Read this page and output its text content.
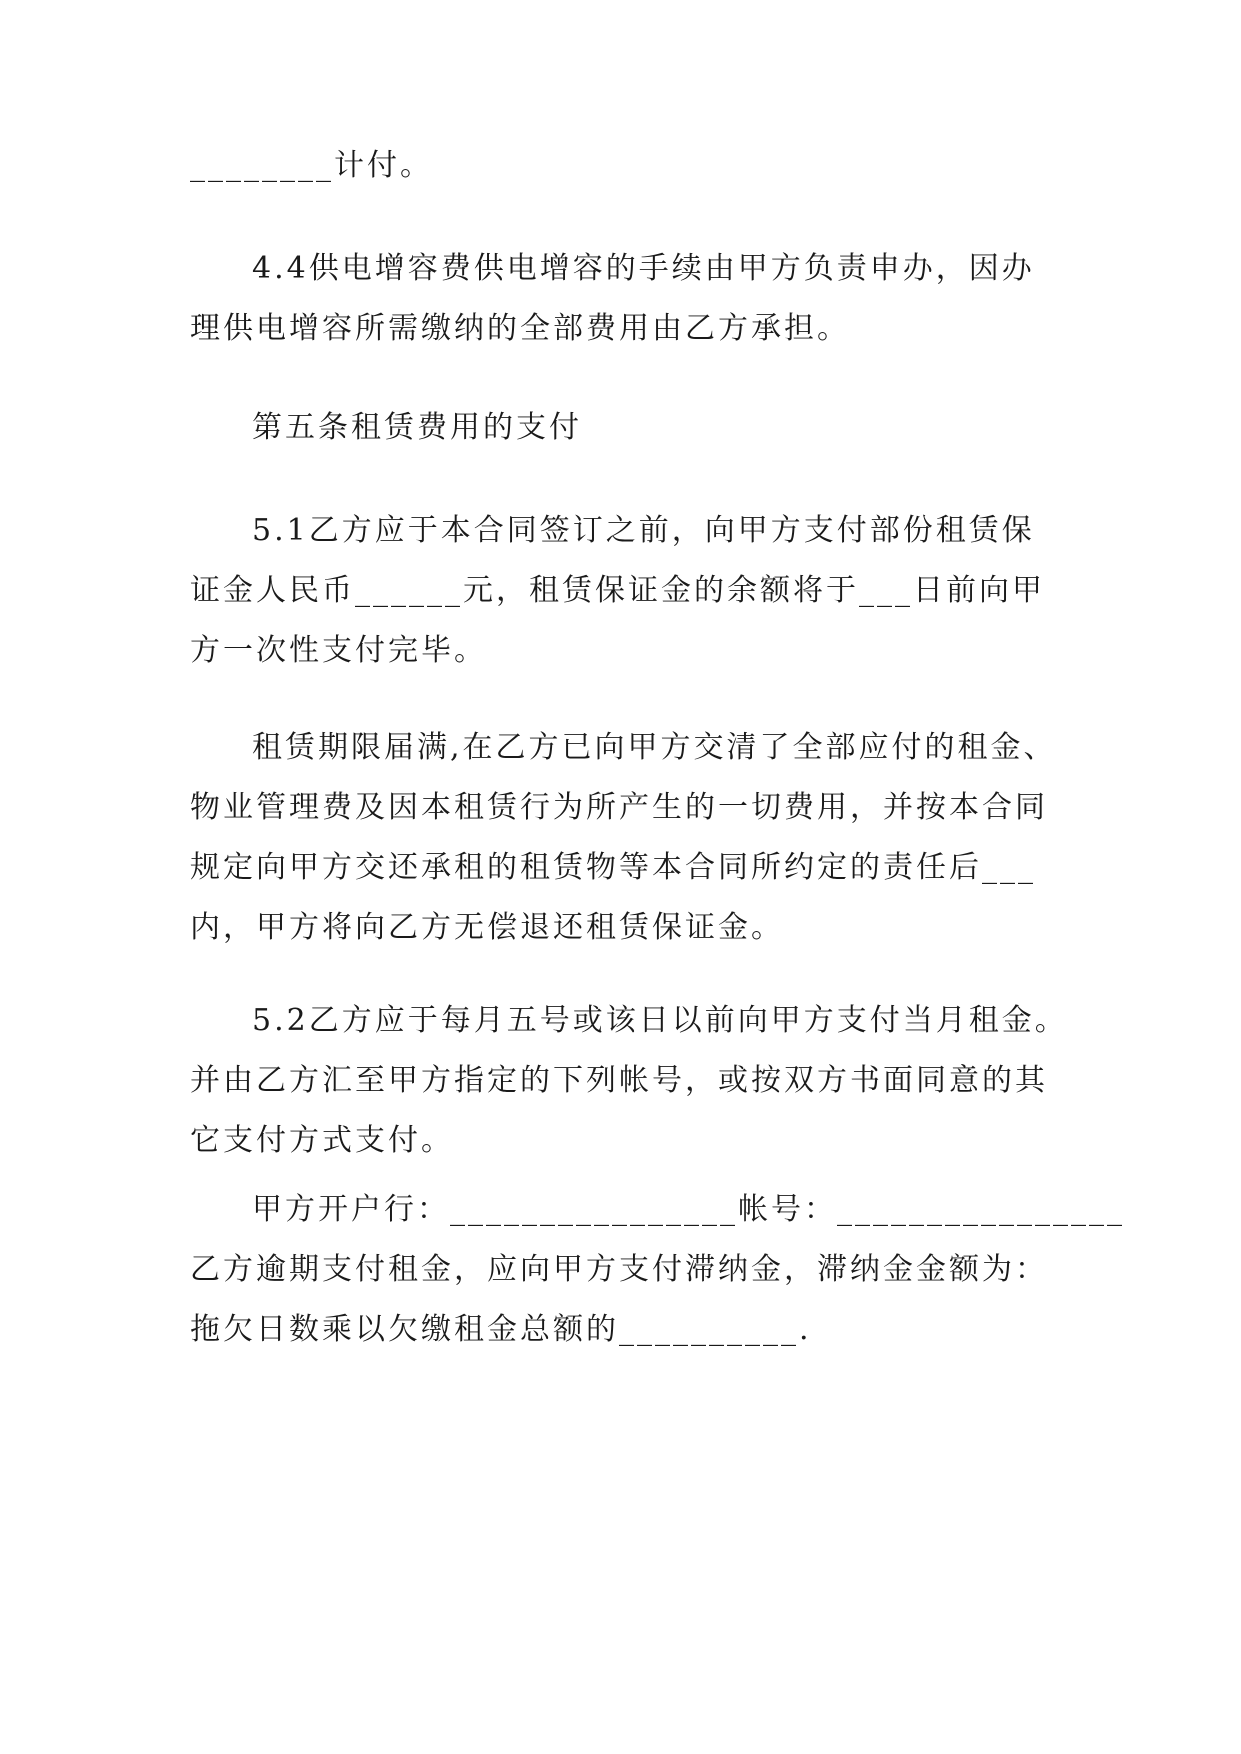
________计付。

4.4供电增容费供电增容的手续由甲方负责申办，因办
理供电增容所需缴纳的全部费用由乙方承担。

第五条租赁费用的支付

5.1乙方应于本合同签订之前，向甲方支付部份租赁保
证金人民币______元，租赁保证金的余额将于___日前向甲
方一次性支付完毕。

租赁期限届满,在乙方已向甲方交清了全部应付的租金、
物业管理费及因本租赁行为所产生的一切费用，并按本合同
规定向甲方交还承租的租赁物等本合同所约定的责任后___
内，甲方将向乙方无偿退还租赁保证金。

5.2乙方应于每月五号或该日以前向甲方支付当月租金。
并由乙方汇至甲方指定的下列帐号，或按双方书面同意的其
它支付方式支付。

甲方开户行：________________帐号：________________
乙方逾期支付租金，应向甲方支付滞纳金，滞纳金金额为：
拖欠日数乘以欠缴租金总额的__________.
